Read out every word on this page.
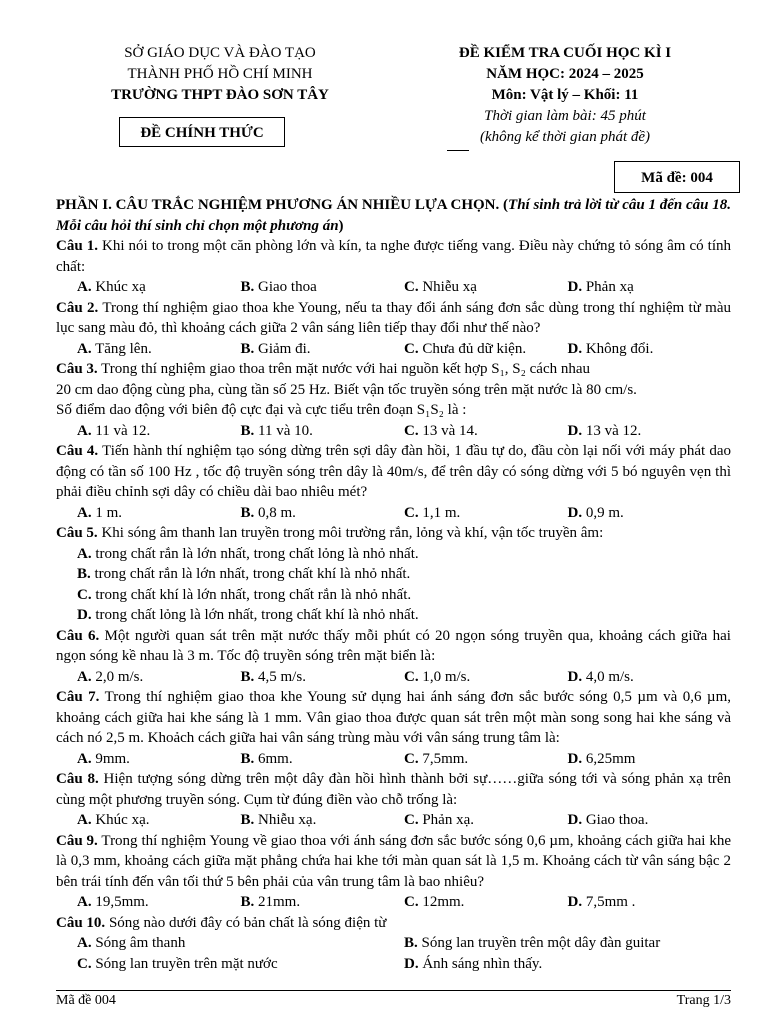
SỞ GIÁO DỤC VÀ ĐÀO TẠO
THÀNH PHỐ HỒ CHÍ MINH
TRƯỜNG THPT ĐÀO SƠN TÂY
ĐỀ CHÍNH THỨC
ĐỀ KIỂM TRA CUỐI HỌC KÌ I
NĂM HỌC: 2024 – 2025
Môn: Vật lý – Khối: 11
Thời gian làm bài: 45 phút
(không kể thời gian phát đề)
Mã đề: 004

PHẦN I. CÂU TRẮC NGHIỆM PHƯƠNG ÁN NHIỀU LỰA CHỌN. (Thí sinh trả lời từ câu 1 đến câu 18. Mỗi câu hỏi thí sinh chỉ chọn một phương án)

Câu 1. Khi nói to trong một căn phòng lớn và kín, ta nghe được tiếng vang. Điều này chứng tỏ sóng âm có tính chất:

A. Khúc xạ	B. Giao thoa	C. Nhiễu xạ	D. Phản xạ

Câu 2. Trong thí nghiệm giao thoa khe Young, nếu ta thay đổi ánh sáng đơn sắc dùng trong thí nghiệm từ màu lục sang màu đỏ, thì khoảng cách giữa 2 vân sáng liên tiếp thay đổi như thế nào?

A. Tăng lên.	B. Giảm đi.	C. Chưa đủ dữ kiện.	D. Không đổi.

Câu 3. Trong thí nghiệm giao thoa trên mặt nước với hai nguồn kết hợp S₁, S₂ cách nhau
20 cm dao động cùng pha, cùng tần số 25 Hz. Biết vận tốc truyền sóng trên mặt nước là 80 cm/s.
Số điểm dao động với biên độ cực đại và cực tiểu trên đoạn S₁S₂ là :

A. 11 và 12.	B. 11 và 10.	C. 13 và 14.	D. 13 và 12.

Câu 4. Tiến hành thí nghiệm tạo sóng dừng trên sợi dây đàn hồi, 1 đầu tự do, đầu còn lại nối với máy phát dao động có tần số 100 Hz , tốc độ truyền sóng trên dây là 40m/s, để trên dây có sóng dừng với 5 bó nguyên vẹn thì phải điều chỉnh sợi dây có chiều dài bao nhiêu mét?

A. 1 m.	B. 0,8 m.	C. 1,1 m.	D. 0,9 m.

Câu 5. Khi sóng âm thanh lan truyền trong môi trường rắn, lỏng và khí, vận tốc truyền âm:

A. trong chất rắn là lớn nhất, trong chất lỏng là nhỏ nhất.
B. trong chất rắn là lớn nhất, trong chất khí là nhỏ nhất.
C. trong chất khí là lớn nhất, trong chất rắn là nhỏ nhất.
D. trong chất lỏng là lớn nhất, trong chất khí là nhỏ nhất.

Câu 6. Một người quan sát trên mặt nước thấy mỗi phút có 20 ngọn sóng truyền qua, khoảng cách giữa hai ngọn sóng kề nhau là 3 m. Tốc độ truyền sóng trên mặt biển là:

A. 2,0 m/s.	B. 4,5 m/s.	C. 1,0 m/s.	D. 4,0 m/s.

Câu 7. Trong thí nghiệm giao thoa khe Young sử dụng hai ánh sáng đơn sắc bước sóng 0,5 µm và 0,6 µm, khoảng cách giữa hai khe sáng là 1 mm. Vân giao thoa được quan sát trên một màn song song hai khe sáng và cách nó 2,5 m. Khoảch cách giữa hai vân sáng trùng màu với vân sáng trung tâm là:

A. 9mm.	B. 6mm.	C. 7,5mm.	D. 6,25mm

Câu 8. Hiện tượng sóng dừng trên một dây đàn hồi hình thành bởi sự……giữa sóng tới và sóng phản xạ trên cùng một phương truyền sóng. Cụm từ đúng điền vào chỗ trống là:

A. Khúc xạ.	B. Nhiễu xạ.	C. Phản xạ.	D. Giao thoa.

Câu 9. Trong thí nghiệm Young về giao thoa với ánh sáng đơn sắc bước sóng 0,6 µm, khoảng cách giữa hai khe là 0,3 mm, khoảng cách giữa mặt phẳng chứa hai khe tới màn quan sát là 1,5 m. Khoảng cách từ vân sáng bậc 2 bên trái tính đến vân tối thứ 5 bên phải của vân trung tâm là bao nhiêu?

A. 19,5mm.	B. 21mm.	C. 12mm.	D. 7,5mm .

Câu 10. Sóng nào dưới đây có bản chất là sóng điện từ

A. Sóng âm thanh	B. Sóng lan truyền trên một dây đàn guitar
C. Sóng lan truyền trên mặt nước	D. Ánh sáng nhìn thấy.
Mã đề 004	Trang 1/3
